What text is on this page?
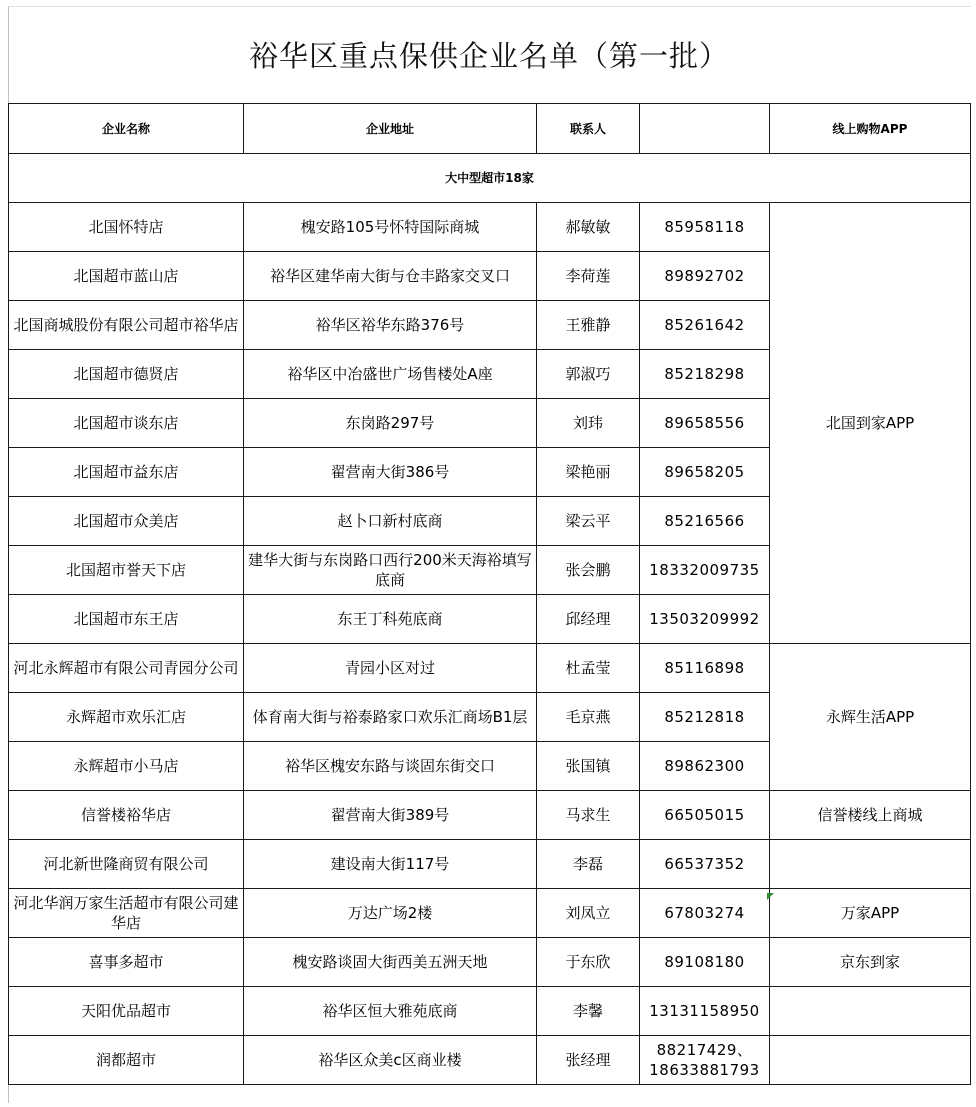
裕华区重点保供企业名单（第一批）
企业名称	企业地址	联系人		线上购物APP
大中型超市18家				
北国怀特店	槐安路105号怀特国际商城	郝敏敏	85958118	北国到家APP
北国超市蓝山店	裕华区建华南大街与仓丰路家交叉口	李荷莲	89892702	
北国商城股份有限公司超市裕华店	裕华区裕华东路376号	王雅静	85261642	
北国超市德贤店	裕华区中冶盛世广场售楼处A座	郭淑巧	85218298	
北国超市谈东店	东岗路297号	刘玮	89658556	
北国超市益东店	翟营南大街386号	梁艳丽	89658205	
北国超市众美店	赵卜口新村底商	梁云平	85216566	
北国超市誉天下店	建华大街与东岗路口西行200米天海裕填写底商	张会鹏	18332009735	
北国超市东王店	东王丁科苑底商	邱经理	13503209992	
河北永辉超市有限公司青园分公司	青园小区对过	杜孟莹	85116898	永辉生活APP
永辉超市欢乐汇店	体育南大街与裕泰路家口欢乐汇商场B1层	毛京燕	85212818	
永辉超市小马店	裕华区槐安东路与谈固东街交口	张国镇	89862300	
信誉楼裕华店	翟营南大街389号	马求生	66505015	信誉楼线上商城
河北新世隆商贸有限公司	建设南大街117号	李磊	66537352	
河北华润万家生活超市有限公司建华店	万达广场2楼	刘凤立	67803274	万家APP
喜事多超市	槐安路谈固大街西美五洲天地	于东欣	89108180	京东到家
天阳优品超市	裕华区恒大雅苑底商	李馨	13131158950	
润都超市	裕华区众美c区商业楼	张经理	88217429、18633881793	
